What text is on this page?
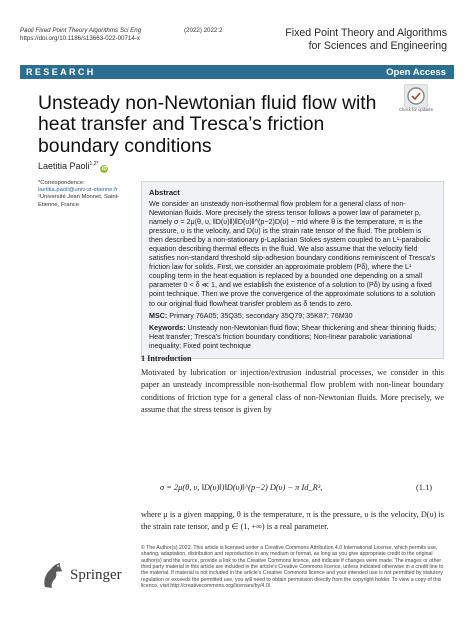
Paoli Fixed Point Theory Algorithms Sci Eng
https://doi.org/10.1186/s13663-022-00714-x
(2022) 2022:2	Fixed Point Theory and Algorithms
for Sciences and Engineering
RESEARCH	Open Access
Check for updates
Unsteady non-Newtonian fluid flow with heat transfer and Tresca’s friction boundary conditions
Laetitia Paoli$^{1,2*}$iD
*Correspondence:
laetitia.paoli@univ-st-etienne.fr
¹Université Jean Monnet, Saint-Etienne, France
Abstract

We consider an unsteady non-isothermal flow problem for a general class of non-Newtonian fluids. More precisely the stress tensor follows a power law of parameter p, namely σ = 2μ(θ, υ, ‖D(υ)‖)‖D(υ)‖^(p−2)D(υ) − πId where θ is the temperature, π is the pressure, υ is the velocity, and D(υ) is the strain rate tensor of the fluid. The problem is then described by a non-stationary p-Laplacian Stokes system coupled to an L¹-parabolic equation describing thermal effects in the fluid. We also assume that the velocity field satisfies non-standard threshold slip-adhesion boundary conditions reminiscent of Tresca’s friction law for solids. First, we consider an approximate problem (Pδ), where the L¹ coupling term in the heat equation is replaced by a bounded one depending on a small parameter 0 < δ ≪ 1, and we establish the existence of a solution to (Pδ) by using a fixed point technique. Then we prove the convergence of the approximate solutions to a solution to our original fluid flow/heat transfer problem as δ tends to zero.

MSC: Primary 76A05; 35Q35; secondary 35Q79; 35K87; 76M30
Keywords: Unsteady non-Newtonian fluid flow; Shear thickening and shear thinning fluids; Heat transfer; Tresca’s friction boundary conditions; Non-linear parabolic variational inequality; Fixed point technique
1 Introduction
Motivated by lubrication or injection/extrusion industrial processes, we consider in this paper an unsteady incompressible non-isothermal flow problem with non-linear boundary conditions of friction type for a general class of non-Newtonian fluids. More precisely, we assume that the stress tensor is given by
σ = 2μ(θ, υ, ‖D(υ)‖)‖D(υ)‖^(p−2) D(υ) − π Id_R³,	(1.1)
where μ is a given mapping, θ is the temperature, π is the pressure, υ is the velocity, D(υ) is the strain rate tensor, and p ∈ (1, +∞) is a real parameter.
Springer
© The Author(s) 2022. This article is licensed under a Creative Commons Attribution 4.0 International License, which permits use, sharing, adaptation, distribution and reproduction in any medium or format, as long as you give appropriate credit to the original author(s) and the source, provide a link to the Creative Commons licence, and indicate if changes were made. The images or other third party material in this article are included in the article’s Creative Commons licence, unless indicated otherwise in a credit line to the material. If material is not included in the article’s Creative Commons licence and your intended use is not permitted by statutory regulation or exceeds the permitted use, you will need to obtain permission directly from the copyright holder. To view a copy of this licence, visit http://creativecommons.org/licenses/by/4.0/.
